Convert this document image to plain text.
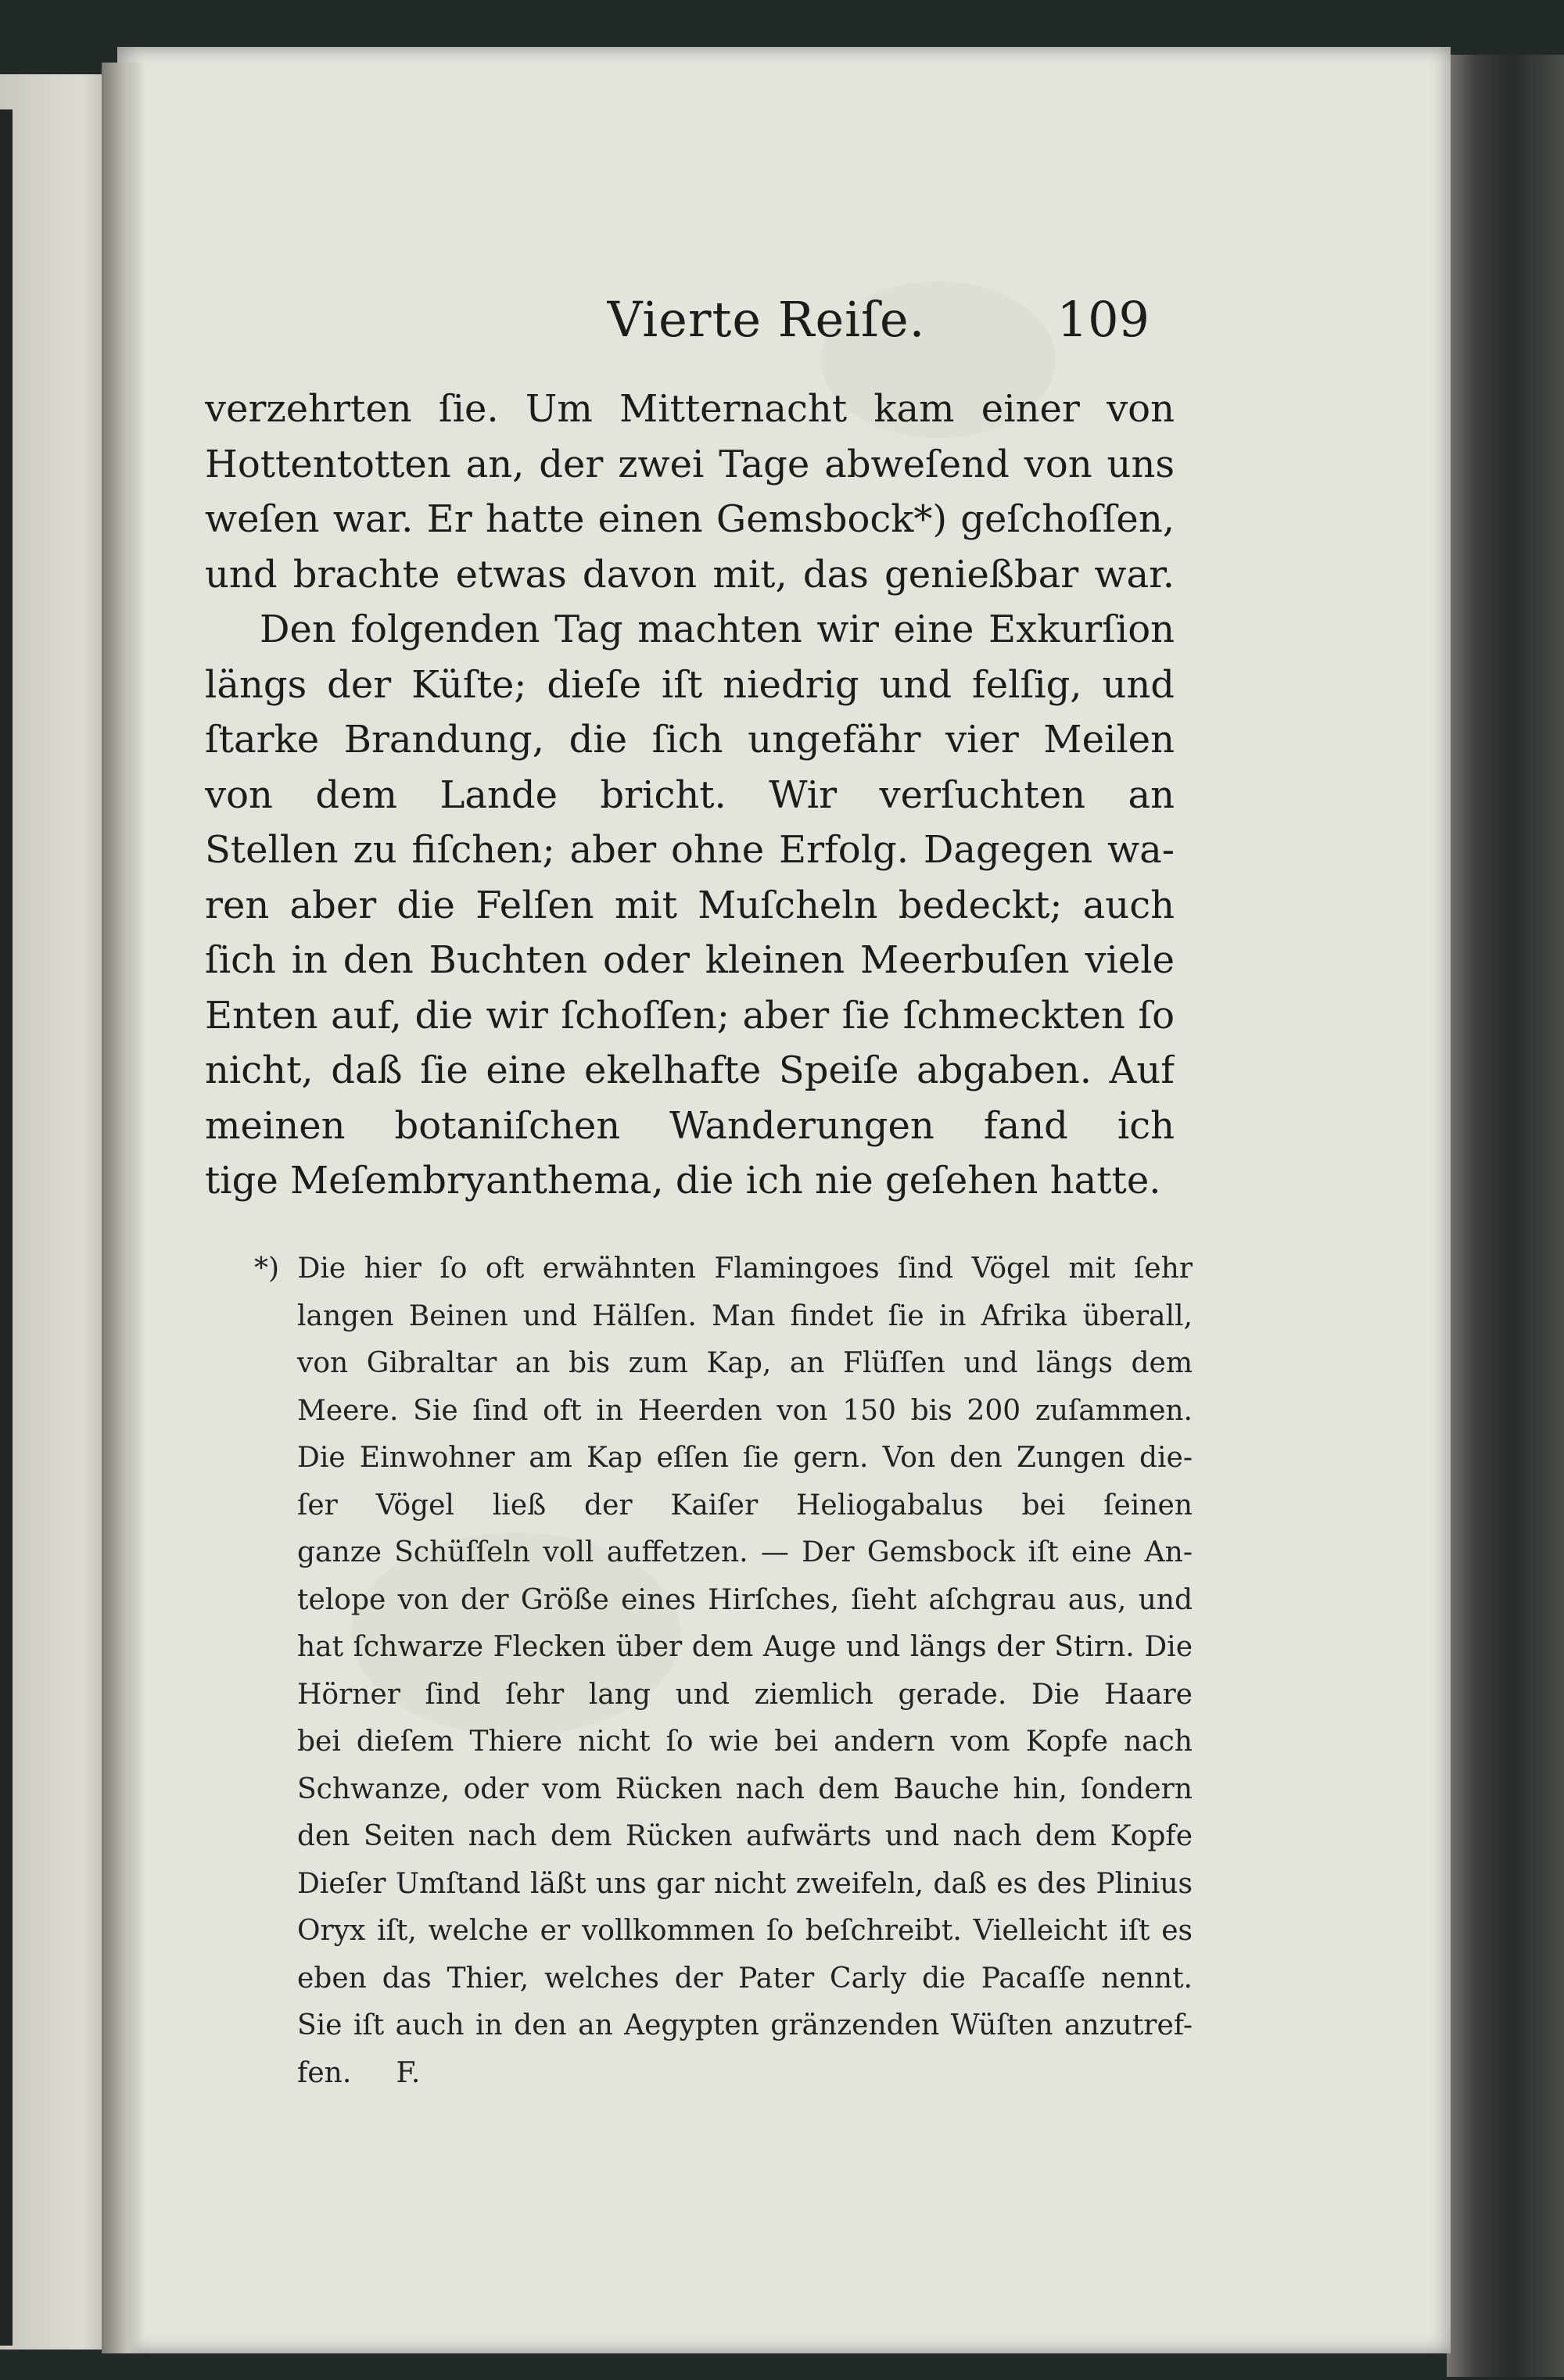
Vierte Reiſe.	109
verzehrten ſie. Um Mitternacht kam einer von
Hottentotten an, der zwei Tage abweſend von uns
weſen war. Er hatte einen Gemsbock*) geſchoſſen,
und brachte etwas davon mit, das genießbar war.
Den folgenden Tag machten wir eine Exkurſion
längs der Küſte; dieſe iſt niedrig und felſig, und
ſtarke Brandung, die ſich ungefähr vier Meilen
von dem Lande bricht. Wir verſuchten an
Stellen zu fiſchen; aber ohne Erfolg. Dagegen wa-
ren aber die Felſen mit Muſcheln bedeckt; auch
ſich in den Buchten oder kleinen Meerbuſen viele
Enten auf, die wir ſchoſſen; aber ſie ſchmeckten ſo
nicht, daß ſie eine ekelhafte Speiſe abgaben. Auf
meinen botaniſchen Wanderungen fand ich
tige Meſembryanthema, die ich nie geſehen hatte.
*) Die hier ſo oft erwähnten Flamingoes ſind Vögel mit ſehr
langen Beinen und Hälſen. Man findet ſie in Afrika überall,
von Gibraltar an bis zum Kap, an Flüſſen und längs dem
Meere. Sie ſind oft in Heerden von 150 bis 200 zuſammen.
Die Einwohner am Kap eſſen ſie gern. Von den Zungen die-
ſer Vögel ließ der Kaiſer Heliogabalus bei ſeinen
ganze Schüſſeln voll auffetzen. — Der Gemsbock iſt eine An-
telope von der Größe eines Hirſches, ſieht aſchgrau aus, und
hat ſchwarze Flecken über dem Auge und längs der Stirn. Die
Hörner ſind ſehr lang und ziemlich gerade. Die Haare
bei dieſem Thiere nicht ſo wie bei andern vom Kopfe nach
Schwanze, oder vom Rücken nach dem Bauche hin, ſondern
den Seiten nach dem Rücken aufwärts und nach dem Kopfe
Dieſer Umſtand läßt uns gar nicht zweifeln, daß es des Plinius
Oryx iſt, welche er vollkommen ſo beſchreibt. Vielleicht iſt es
eben das Thier, welches der Pater Carly die Pacaſſe nennt.
Sie iſt auch in den an Aegypten gränzenden Wüſten anzutref-
fen.     F.
